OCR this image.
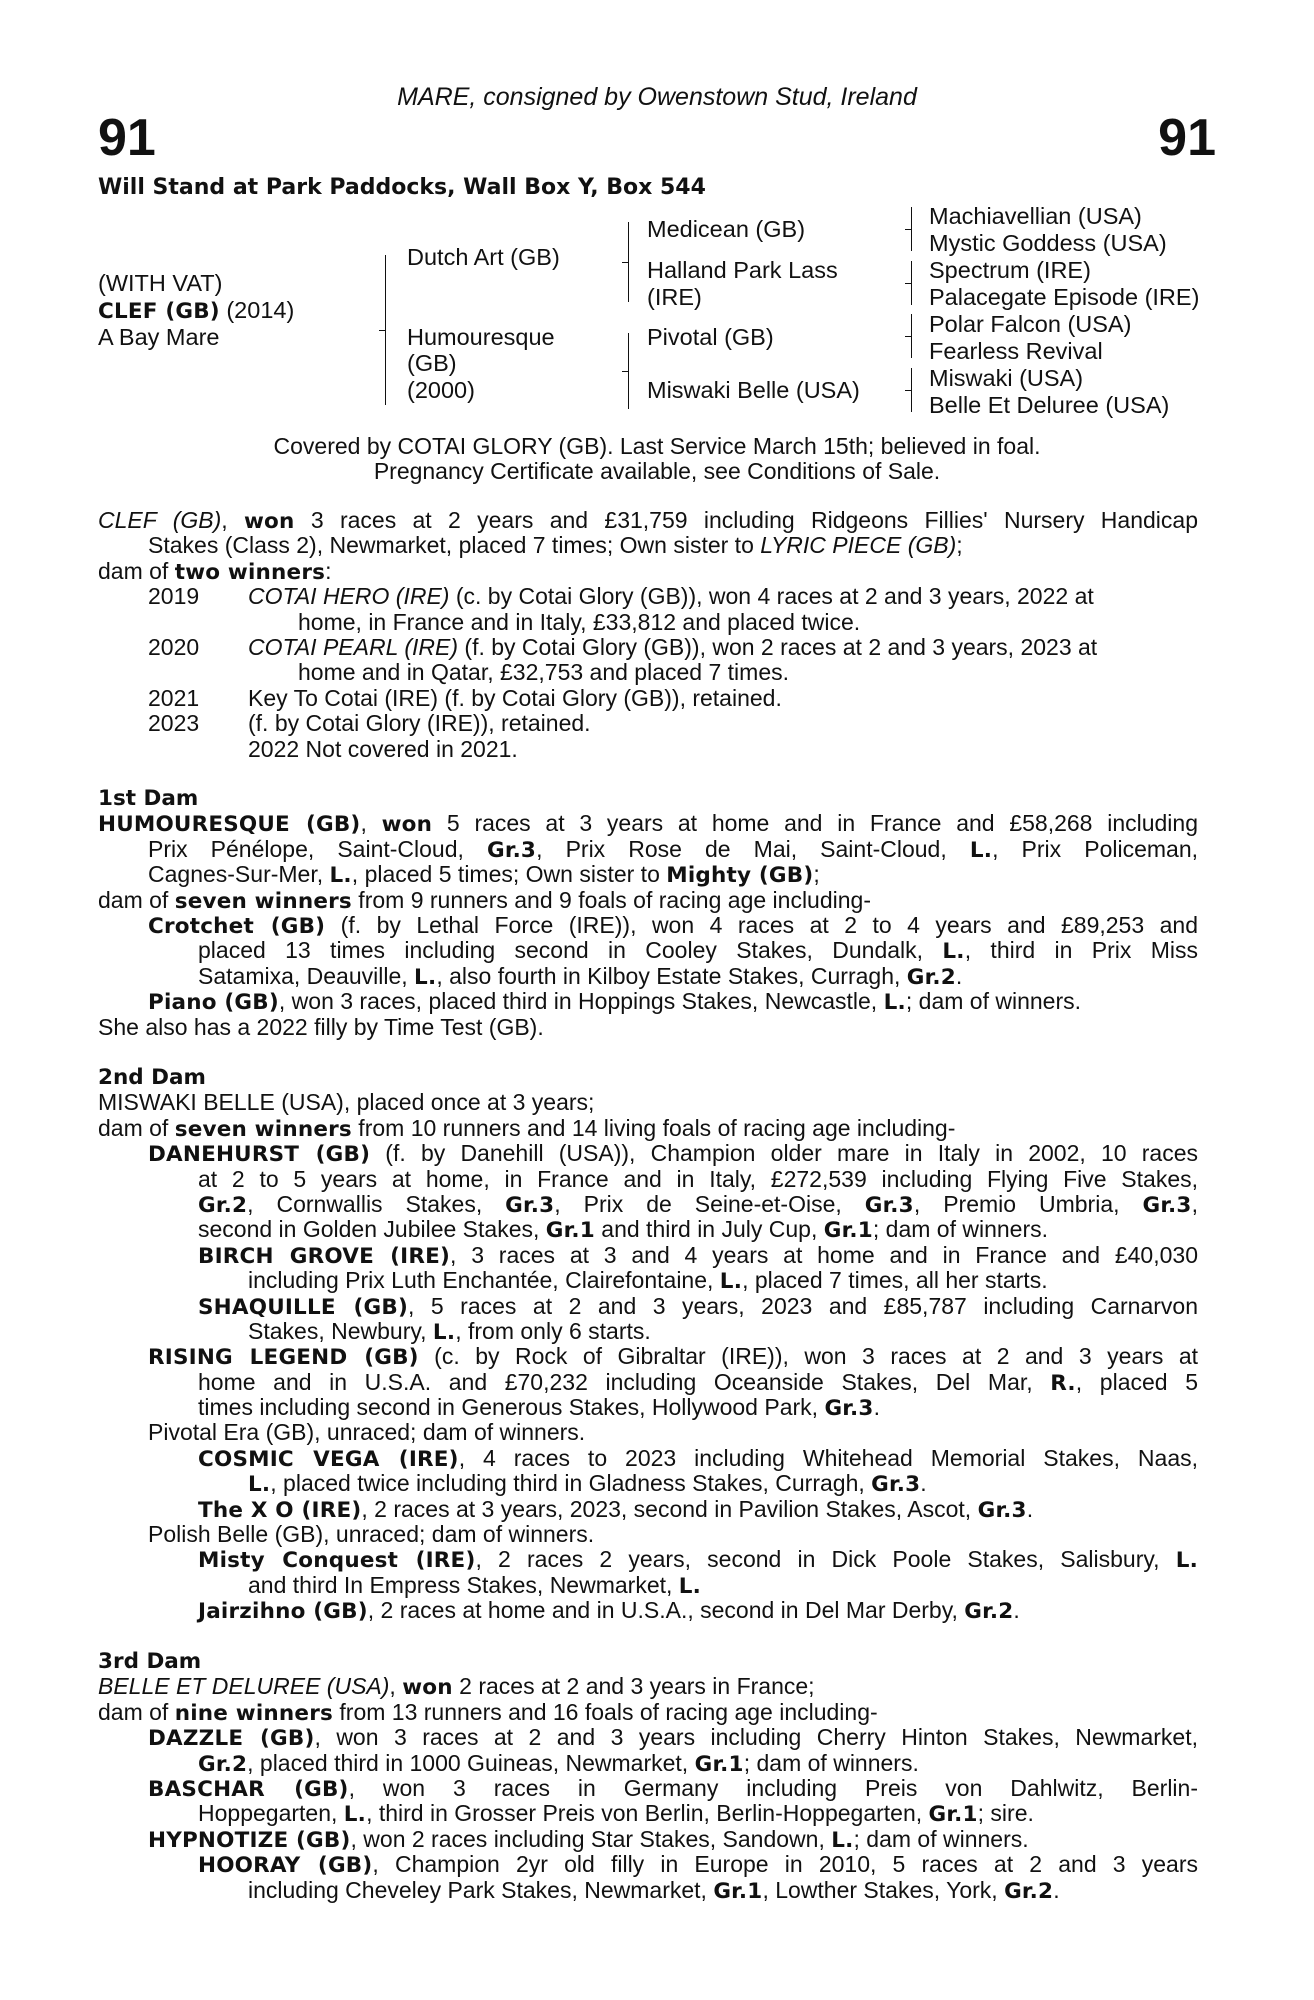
MARE, consigned by Owenstown Stud, Ireland
91	91
Will Stand at Park Paddocks, Wall Box Y, Box 544
(WITH VAT)
CLEF (GB) (2014)
A Bay Mare
Dutch Art (GB)
Humouresque
(GB)
(2000)
Medicean (GB)
Halland Park Lass
(IRE)
Pivotal (GB)
Miswaki Belle (USA)
Machiavellian (USA)
Mystic Goddess (USA)
Spectrum (IRE)
Palacegate Episode (IRE)
Polar Falcon (USA)
Fearless Revival
Miswaki (USA)
Belle Et Deluree (USA)
Covered by COTAI GLORY (GB). Last Service March 15th; believed in foal.
Pregnancy Certificate available, see Conditions of Sale.
CLEF (GB), won 3 races at 2 years and £31,759 including Ridgeons Fillies' Nursery Handicap
Stakes (Class 2), Newmarket, placed 7 times; Own sister to LYRIC PIECE (GB);
dam of two winners:
2019 COTAI HERO (IRE) (c. by Cotai Glory (GB)), won 4 races at 2 and 3 years, 2022 at
home, in France and in Italy, £33,812 and placed twice.
2020 COTAI PEARL (IRE) (f. by Cotai Glory (GB)), won 2 races at 2 and 3 years, 2023 at
home and in Qatar, £32,753 and placed 7 times.
2021 Key To Cotai (IRE) (f. by Cotai Glory (GB)), retained.
2023 (f. by Cotai Glory (IRE)), retained.
2022 Not covered in 2021.
1st Dam
HUMOURESQUE (GB), won 5 races at 3 years at home and in France and £58,268 including
Prix Pénélope, Saint-Cloud, Gr.3, Prix Rose de Mai, Saint-Cloud, L., Prix Policeman,
Cagnes-Sur-Mer, L., placed 5 times; Own sister to Mighty (GB);
dam of seven winners from 9 runners and 9 foals of racing age including-
Crotchet (GB) (f. by Lethal Force (IRE)), won 4 races at 2 to 4 years and £89,253 and
placed 13 times including second in Cooley Stakes, Dundalk, L., third in Prix Miss
Satamixa, Deauville, L., also fourth in Kilboy Estate Stakes, Curragh, Gr.2.
Piano (GB), won 3 races, placed third in Hoppings Stakes, Newcastle, L.; dam of winners.
She also has a 2022 filly by Time Test (GB).
2nd Dam
MISWAKI BELLE (USA), placed once at 3 years;
dam of seven winners from 10 runners and 14 living foals of racing age including-
DANEHURST (GB) (f. by Danehill (USA)), Champion older mare in Italy in 2002, 10 races
at 2 to 5 years at home, in France and in Italy, £272,539 including Flying Five Stakes,
Gr.2, Cornwallis Stakes, Gr.3, Prix de Seine-et-Oise, Gr.3, Premio Umbria, Gr.3,
second in Golden Jubilee Stakes, Gr.1 and third in July Cup, Gr.1; dam of winners.
BIRCH GROVE (IRE), 3 races at 3 and 4 years at home and in France and £40,030
including Prix Luth Enchantée, Clairefontaine, L., placed 7 times, all her starts.
SHAQUILLE (GB), 5 races at 2 and 3 years, 2023 and £85,787 including Carnarvon
Stakes, Newbury, L., from only 6 starts.
RISING LEGEND (GB) (c. by Rock of Gibraltar (IRE)), won 3 races at 2 and 3 years at
home and in U.S.A. and £70,232 including Oceanside Stakes, Del Mar, R., placed 5
times including second in Generous Stakes, Hollywood Park, Gr.3.
Pivotal Era (GB), unraced; dam of winners.
COSMIC VEGA (IRE), 4 races to 2023 including Whitehead Memorial Stakes, Naas,
L., placed twice including third in Gladness Stakes, Curragh, Gr.3.
The X O (IRE), 2 races at 3 years, 2023, second in Pavilion Stakes, Ascot, Gr.3.
Polish Belle (GB), unraced; dam of winners.
Misty Conquest (IRE), 2 races 2 years, second in Dick Poole Stakes, Salisbury, L.
and third In Empress Stakes, Newmarket, L.
Jairzihno (GB), 2 races at home and in U.S.A., second in Del Mar Derby, Gr.2.
3rd Dam
BELLE ET DELUREE (USA), won 2 races at 2 and 3 years in France;
dam of nine winners from 13 runners and 16 foals of racing age including-
DAZZLE (GB), won 3 races at 2 and 3 years including Cherry Hinton Stakes, Newmarket,
Gr.2, placed third in 1000 Guineas, Newmarket, Gr.1; dam of winners.
BASCHAR (GB), won 3 races in Germany including Preis von Dahlwitz, Berlin-
Hoppegarten, L., third in Grosser Preis von Berlin, Berlin-Hoppegarten, Gr.1; sire.
HYPNOTIZE (GB), won 2 races including Star Stakes, Sandown, L.; dam of winners.
HOORAY (GB), Champion 2yr old filly in Europe in 2010, 5 races at 2 and 3 years
including Cheveley Park Stakes, Newmarket, Gr.1, Lowther Stakes, York, Gr.2.
